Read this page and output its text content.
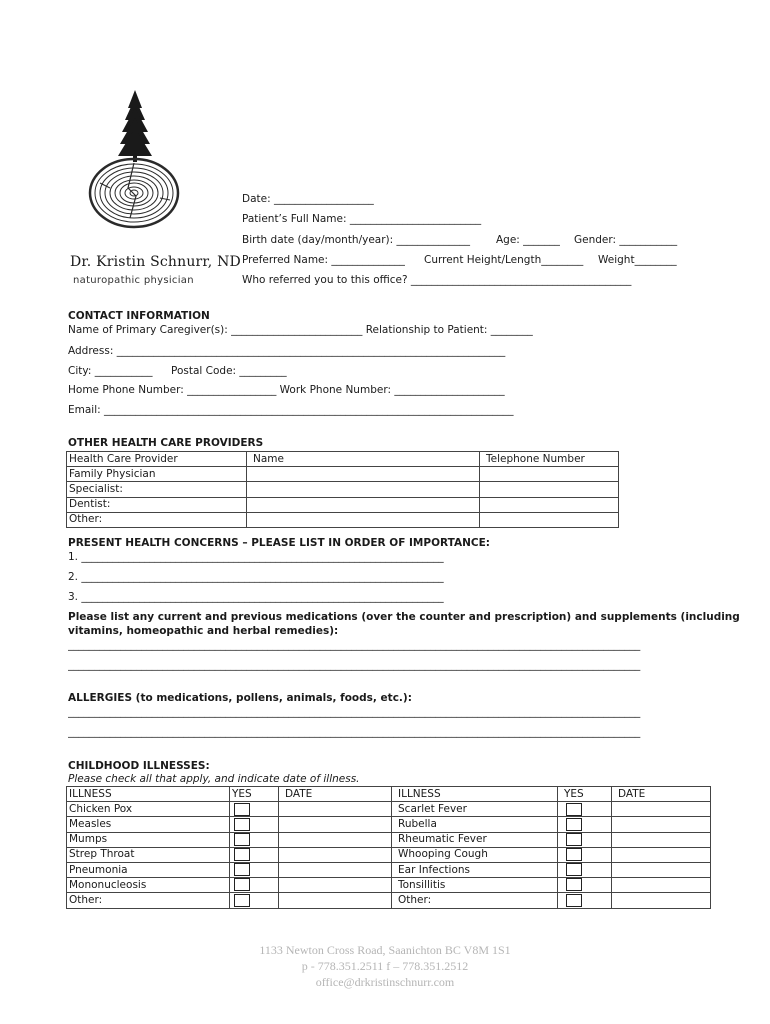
Dr. Kristin Schnurr, ND
naturopathic physician
Date: ___________________
Patient’s Full Name: _________________________
Birth date (day/month/year): ______________ Age: _______ Gender: ___________
Preferred Name: ______________ Current Height/Length________ Weight________
Who referred you to this office? __________________________________________
CONTACT INFORMATION
Name of Primary Caregiver(s): _________________________ Relationship to Patient: ________
Address: __________________________________________________________________________
City: ___________ Postal Code: _________
Home Phone Number: _________________ Work Phone Number: _____________________
Email: ______________________________________________________________________________
OTHER HEALTH CARE PROVIDERS
Health Care Provider	Name	Telephone Number
Family Physician		
Specialist:		
Dentist:		
Other:		
PRESENT HEALTH CONCERNS – PLEASE LIST IN ORDER OF IMPORTANCE:
1. _____________________________________________________________________
2. _____________________________________________________________________
3. _____________________________________________________________________
Please list any current and previous medications (over the counter and prescription) and supplements (including
vitamins, homeopathic and herbal remedies):
_____________________________________________________________________________________________________________
_____________________________________________________________________________________________________________
ALLERGIES (to medications, pollens, animals, foods, etc.):
_____________________________________________________________________________________________________________
_____________________________________________________________________________________________________________
CHILDHOOD ILLNESSES:
Please check all that apply, and indicate date of illness.
ILLNESS	YES	DATE	ILLNESS	YES	DATE
Chicken Pox			Scarlet Fever		
Measles			Rubella		
Mumps			Rheumatic Fever		
Strep Throat			Whooping Cough		
Pneumonia			Ear Infections		
Mononucleosis			Tonsillitis		
Other:			Other:		
1133 Newton Cross Road, Saanichton BC V8M 1S1
p - 778.351.2511 f – 778.351.2512
office@drkristinschnurr.com
